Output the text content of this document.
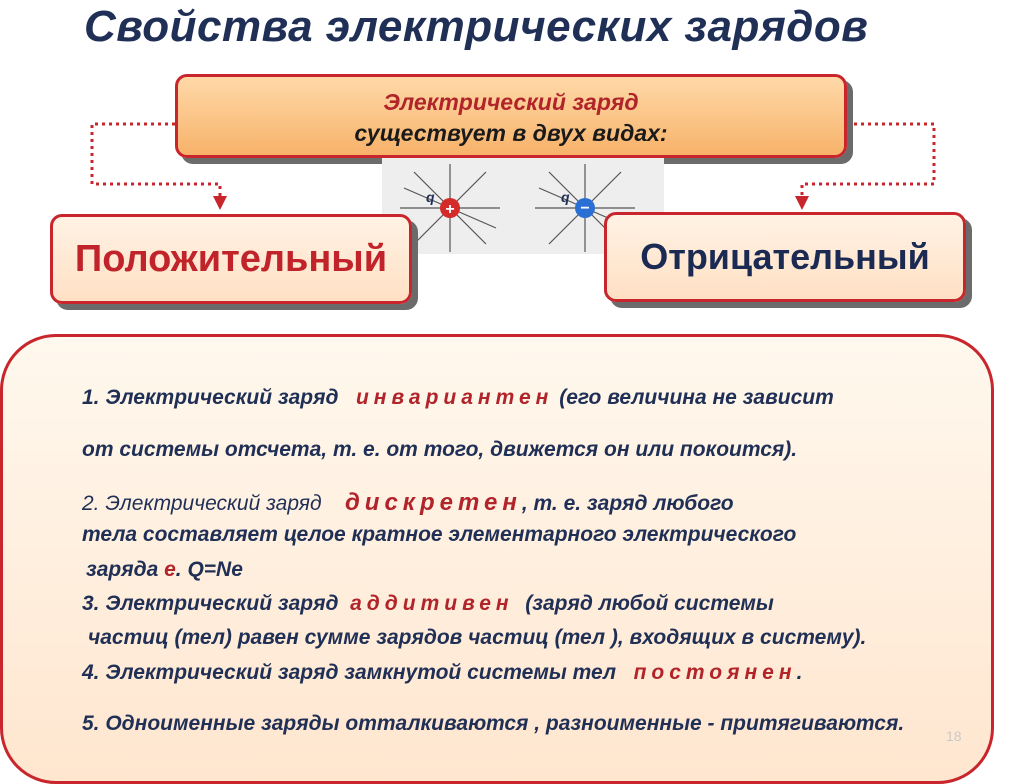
Свойства электрических зарядов
Электрический заряд
существует в двух видах:
+	−
q	q
Положительный	Отрицательный
1. Электрический заряд инвариантен (его величина не зависит
от системы отсчета, т. е. от того, движется он или покоится).
2. Электрический заряд дискретен, т. е. заряд любого
тела составляет целое кратное элементарного электрического
заряда e. Q=Ne
3. Электрический заряд аддитивен (заряд любой системы
частиц (тел) равен сумме зарядов частиц (тел ), входящих в систему).
4. Электрический заряд замкнутой системы тел постоянен.
5. Одноименные заряды отталкиваются , разноименные - притягиваются.
18
